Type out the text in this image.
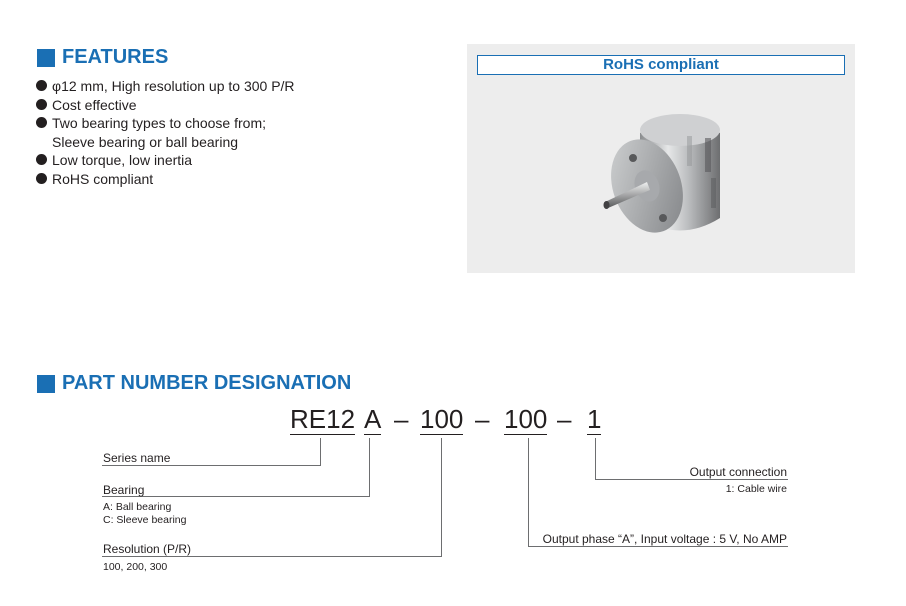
FEATURES
φ12 mm, High resolution up to 300 P/R
Cost effective
Two bearing types to choose from;
Sleeve bearing or ball bearing
Low torque, low inertia
RoHS compliant
RoHS compliant
PART NUMBER DESIGNATION
RE12 A – 100 – 100 – 1
Series name
Bearing
A: Ball bearing
C: Sleeve bearing
Resolution (P/R)
100, 200, 300
Output connection
1: Cable wire
Output phase “A”, Input voltage : 5 V, No AMP
